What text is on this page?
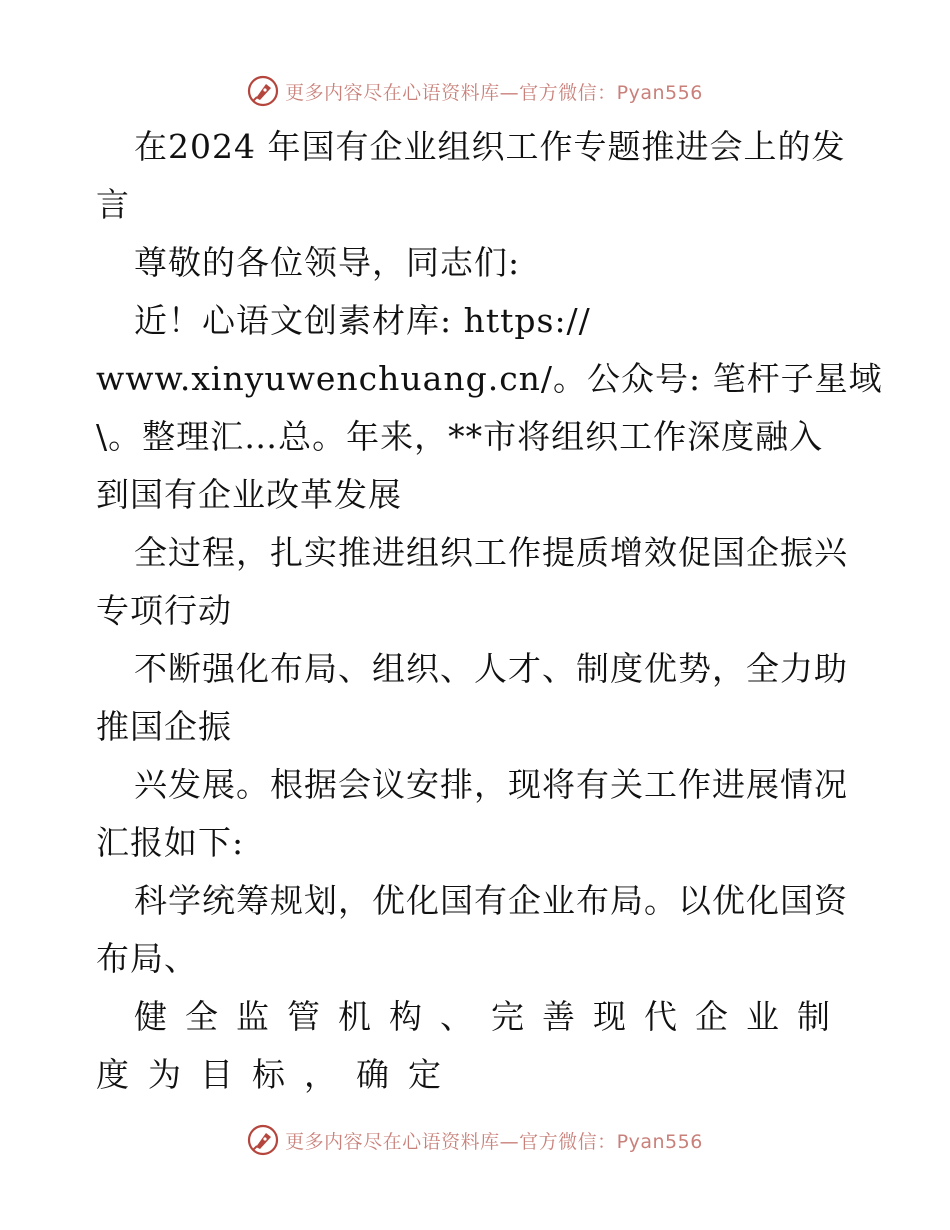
更多内容尽在心语资料库—官方微信：Pyan556
在2024 年国有企业组织工作专题推进会上的发
言
尊敬的各位领导，同志们:
近！心语文创素材库: https://
www.xinyuwenchuang.cn/。公众号: 笔杆子星域
\。整理汇…总。年来，**市将组织工作深度融入
到国有企业改革发展
全过程，扎实推进组织工作提质增效促国企振兴
专项行动
不断强化布局、组织、人才、制度优势，全力助
推国企振
兴发展。根据会议安排，现将有关工作进展情况
汇报如下:
科学统筹规划，优化国有企业布局。以优化国资
布局、
健全监管机构、完善现代企业制
度为目标，确定
更多内容尽在心语资料库—官方微信：Pyan556
